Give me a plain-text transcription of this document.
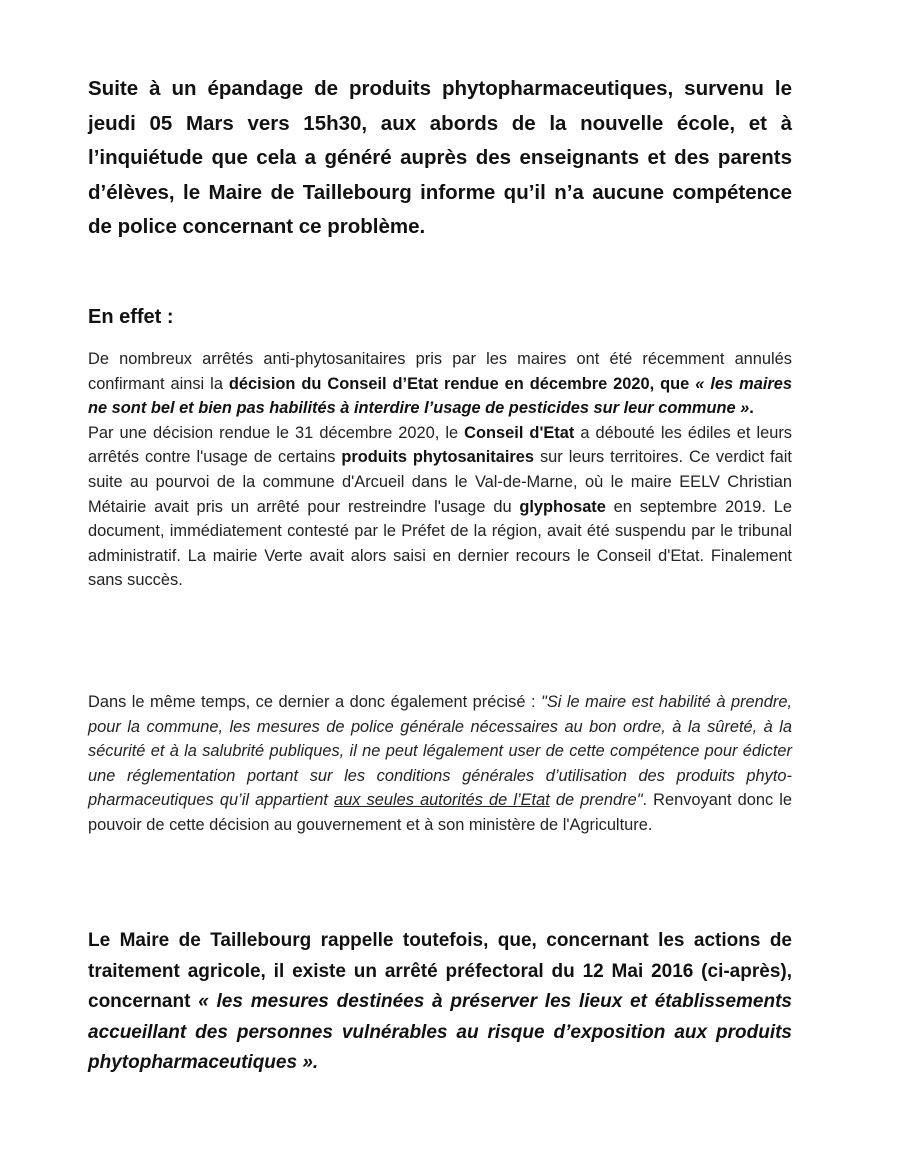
Suite à un épandage de produits phytopharmaceutiques, survenu le jeudi 05 Mars vers 15h30, aux abords de la nouvelle école, et à l’inquiétude que cela a généré auprès des enseignants et des parents d’élèves, le Maire de Taillebourg informe qu’il n’a aucune compétence de police concernant ce problème.

En effet :

De nombreux arrêtés anti-phytosanitaires pris par les maires ont été récemment annulés confirmant ainsi la décision du Conseil d’Etat rendue en décembre 2020, que « les maires ne sont bel et bien pas habilités à interdire l’usage de pesticides sur leur commune ».
Par une décision rendue le 31 décembre 2020, le Conseil d'Etat a débouté les édiles et leurs arrêtés contre l'usage de certains produits phytosanitaires sur leurs territoires. Ce verdict fait suite au pourvoi de la commune d'Arcueil dans le Val-de-Marne, où le maire EELV Christian Métairie avait pris un arrêté pour restreindre l'usage du glyphosate en septembre 2019. Le document, immédiatement contesté par le Préfet de la région, avait été suspendu par le tribunal administratif. La mairie Verte avait alors saisi en dernier recours le Conseil d'Etat. Finalement sans succès.

Dans le même temps, ce dernier a donc également précisé : "Si le maire est habilité à prendre, pour la commune, les mesures de police générale nécessaires au bon ordre, à la sûreté, à la sécurité et à la salubrité publiques, il ne peut légalement user de cette compétence pour édicter une réglementation portant sur les conditions générales d’utilisation des produits phyto-pharmaceutiques qu’il appartient aux seules autorités de l’Etat de prendre". Renvoyant donc le pouvoir de cette décision au gouvernement et à son ministère de l'Agriculture.

Le Maire de Taillebourg rappelle toutefois, que, concernant les actions de traitement agricole, il existe un arrêté préfectoral du 12 Mai 2016 (ci-après), concernant « les mesures destinées à préserver les lieux et établissements accueillant des personnes vulnérables au risque d’exposition aux produits phytopharmaceutiques ».
